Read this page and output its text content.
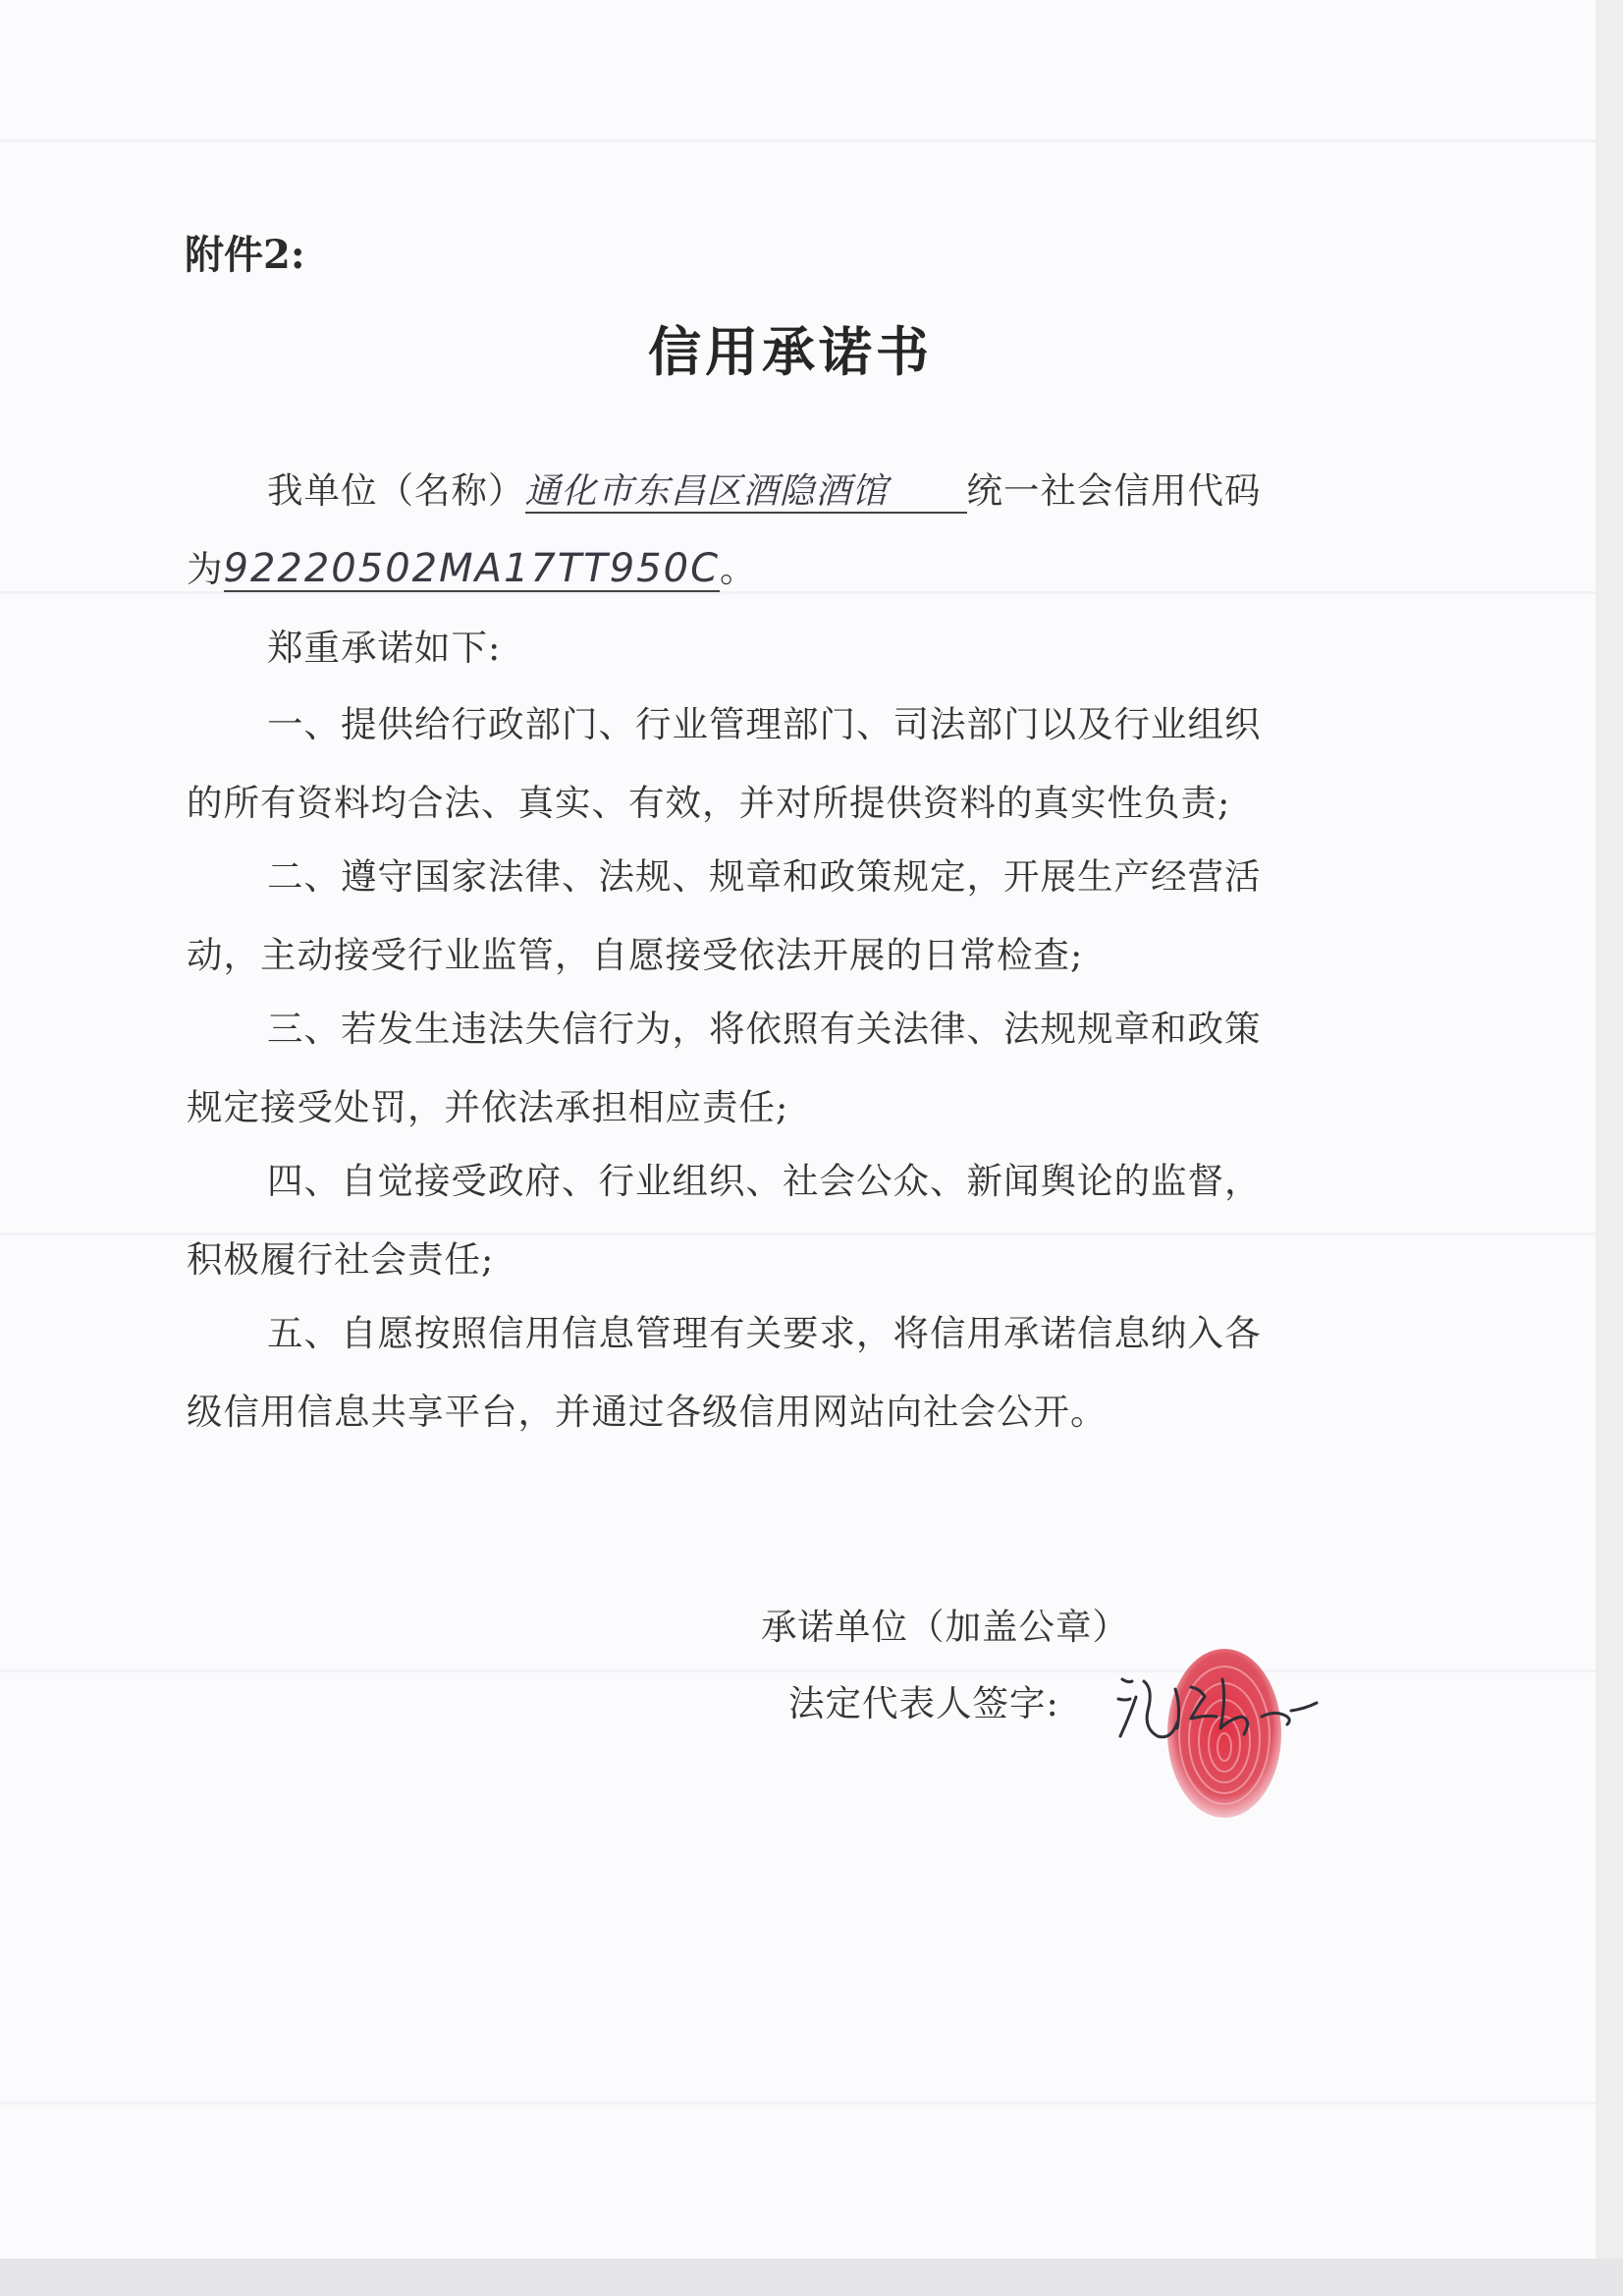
附件2:
信用承诺书
我单位（名称）通化市东昌区酒隐酒馆 统一社会信用代码
为92220502MA17TT950C。
郑重承诺如下:
一、提供给行政部门、行业管理部门、司法部门以及行业组织
的所有资料均合法、真实、有效，并对所提供资料的真实性负责;
二、遵守国家法律、法规、规章和政策规定，开展生产经营活
动，主动接受行业监管，自愿接受依法开展的日常检查;
三、若发生违法失信行为，将依照有关法律、法规规章和政策
规定接受处罚，并依法承担相应责任;
四、自觉接受政府、行业组织、社会公众、新闻舆论的监督，
积极履行社会责任;
五、自愿按照信用信息管理有关要求，将信用承诺信息纳入各
级信用信息共享平台，并通过各级信用网站向社会公开。
承诺单位（加盖公章）
法定代表人签字:
